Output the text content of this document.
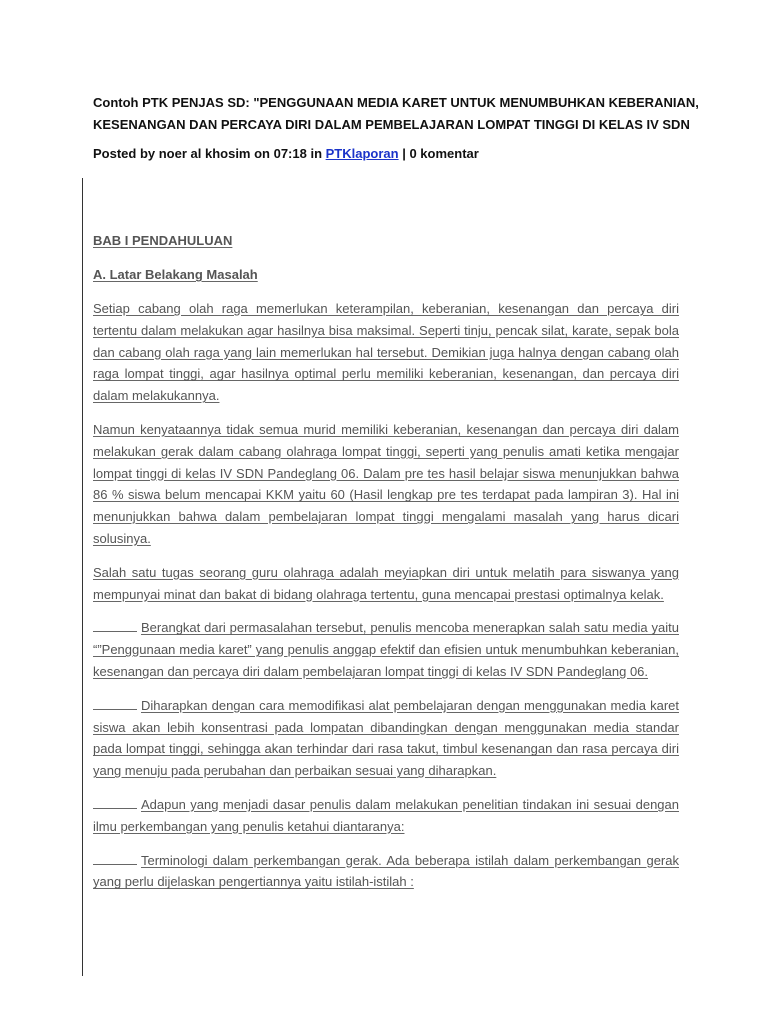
Contoh PTK PENJAS SD: "PENGGUNAAN MEDIA KARET UNTUK MENUMBUHKAN KEBERANIAN, KESENANGAN DAN PERCAYA DIRI DALAM PEMBELAJARAN LOMPAT TINGGI DI KELAS IV SDN
Posted by noer al khosim on 07:18 in PTKlaporan | 0 komentar
BAB I PENDAHULUAN
A. Latar Belakang Masalah

Setiap cabang olah raga memerlukan keterampilan, keberanian, kesenangan dan percaya diri tertentu dalam melakukan agar hasilnya bisa maksimal. Seperti tinju, pencak silat, karate, sepak bola dan cabang olah raga yang lain memerlukan hal tersebut. Demikian juga halnya dengan cabang olah raga lompat tinggi, agar hasilnya optimal perlu memiliki keberanian, kesenangan, dan percaya diri dalam melakukannya.

Namun kenyataannya tidak semua murid memiliki keberanian, kesenangan dan percaya diri dalam melakukan gerak dalam cabang olahraga lompat tinggi, seperti yang penulis amati ketika mengajar lompat tinggi di kelas IV SDN Pandeglang 06. Dalam pre tes hasil belajar siswa menunjukkan bahwa 86 % siswa belum mencapai KKM yaitu 60 (Hasil lengkap pre tes terdapat pada lampiran 3). Hal ini menunjukkan bahwa dalam pembelajaran lompat tinggi mengalami masalah yang harus dicari solusinya.

Salah satu tugas seorang guru olahraga adalah meyiapkan diri untuk melatih para siswanya yang mempunyai minat dan bakat di bidang olahraga tertentu, guna mencapai prestasi optimalnya kelak.

Berangkat dari permasalahan tersebut, penulis mencoba menerapkan salah satu media yaitu “”Penggunaan media karet” yang penulis anggap efektif dan efisien untuk menumbuhkan keberanian, kesenangan dan percaya diri dalam pembelajaran lompat tinggi di kelas IV SDN Pandeglang 06.

Diharapkan dengan cara memodifikasi alat pembelajaran dengan menggunakan media karet siswa akan lebih konsentrasi pada lompatan dibandingkan dengan menggunakan media standar pada lompat tinggi, sehingga akan terhindar dari rasa takut, timbul kesenangan dan rasa percaya diri yang menuju pada perubahan dan perbaikan sesuai yang diharapkan.

Adapun yang menjadi dasar penulis dalam melakukan penelitian tindakan ini sesuai dengan ilmu perkembangan yang penulis ketahui diantaranya:

Terminologi dalam perkembangan gerak. Ada beberapa istilah dalam perkembangan gerak yang perlu dijelaskan pengertiannya yaitu istilah-istilah :
